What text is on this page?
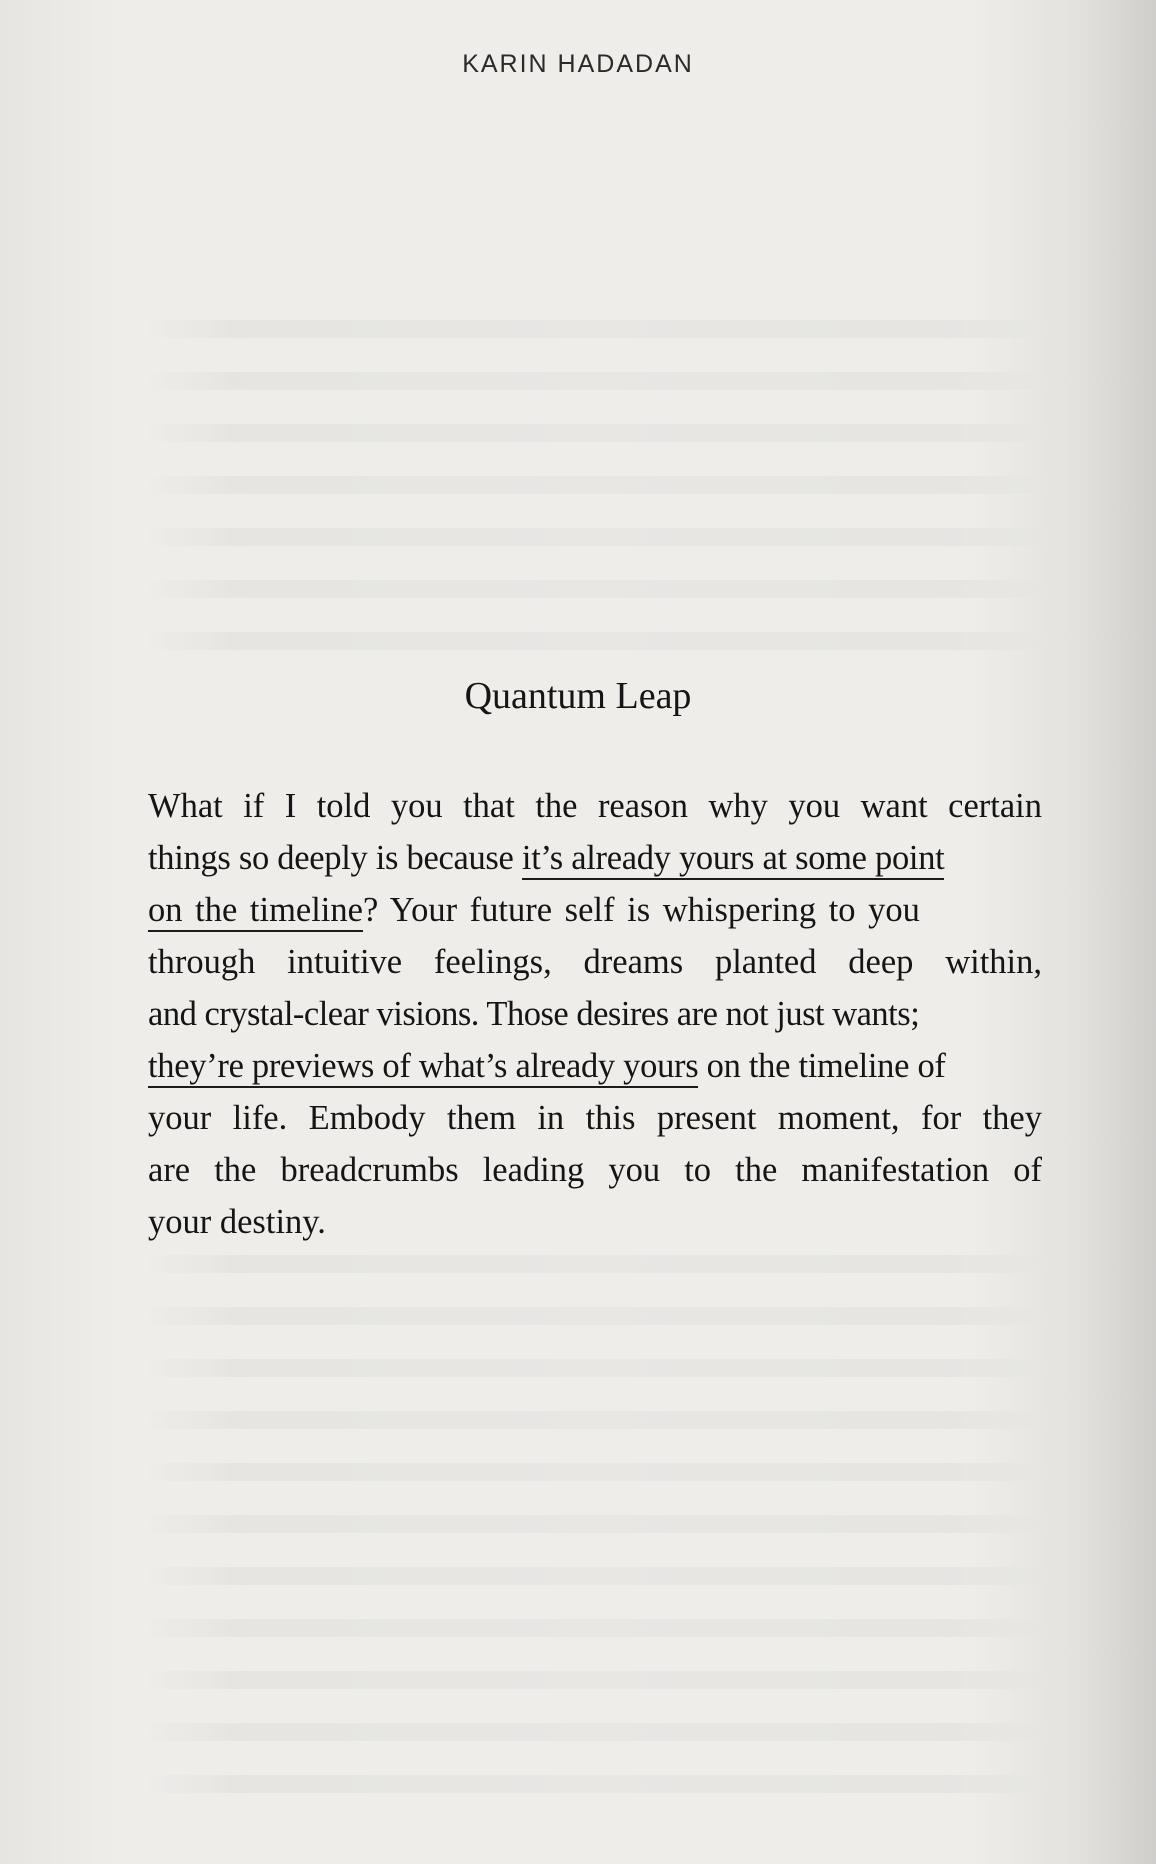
KARIN HADADAN
Quantum Leap
What if I told you that the reason why you want certain
things so deeply is because it’s already yours at some point
on the timeline? Your future self is whispering to you
through intuitive feelings, dreams planted deep within,
and crystal-clear visions. Those desires are not just wants;
they’re previews of what’s already yours on the timeline of
your life. Embody them in this present moment, for they
are the breadcrumbs leading you to the manifestation of
your destiny.
